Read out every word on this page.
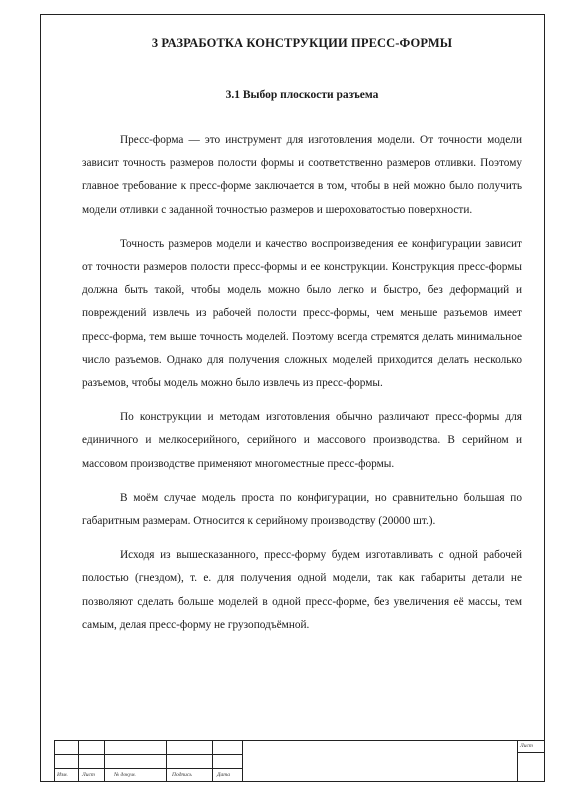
3 РАЗРАБОТКА КОНСТРУКЦИИ ПРЕСС-ФОРМЫ
3.1 Выбор плоскости разъема

Пресс-форма — это инструмент для изготовления модели. От точности модели зависит точность размеров полости формы и соответственно размеров отливки. Поэтому главное требование к пресс-форме заключается в том, чтобы в ней можно было получить модели отливки с заданной точностью размеров и шероховатостью поверхности.

Точность размеров модели и качество воспроизведения ее конфигурации зависит от точности размеров полости пресс-формы и ее конструкции. Конструкция пресс-формы должна быть такой, чтобы модель можно было легко и быстро, без деформаций и повреждений извлечь из рабочей полости пресс-формы, чем меньше разъемов имеет пресс-форма, тем выше точность моделей. Поэтому всегда стремятся делать минимальное число разъемов. Однако для получения сложных моделей приходится делать несколько разъемов, чтобы модель можно было извлечь из пресс-формы.

По конструкции и методам изготовления обычно различают пресс-формы для единичного и мелкосерийного, серийного и массового производства. В серийном и массовом производстве применяют многоместные пресс-формы.

В моём случае модель проста по конфигурации, но сравнительно большая по габаритным размерам. Относится к серийному производству (20000 шт.).

Исходя из вышесказанного, пресс-форму будем изготавливать с одной рабочей полостью (гнездом), т. е. для получения одной модели, так как габариты детали не позволяют сделать больше моделей в одной пресс-форме, без увеличения её массы, тем самым, делая пресс-форму не грузоподъёмной.

Изм.	Лист	№ докум.	Подпись	Дата
Лист
